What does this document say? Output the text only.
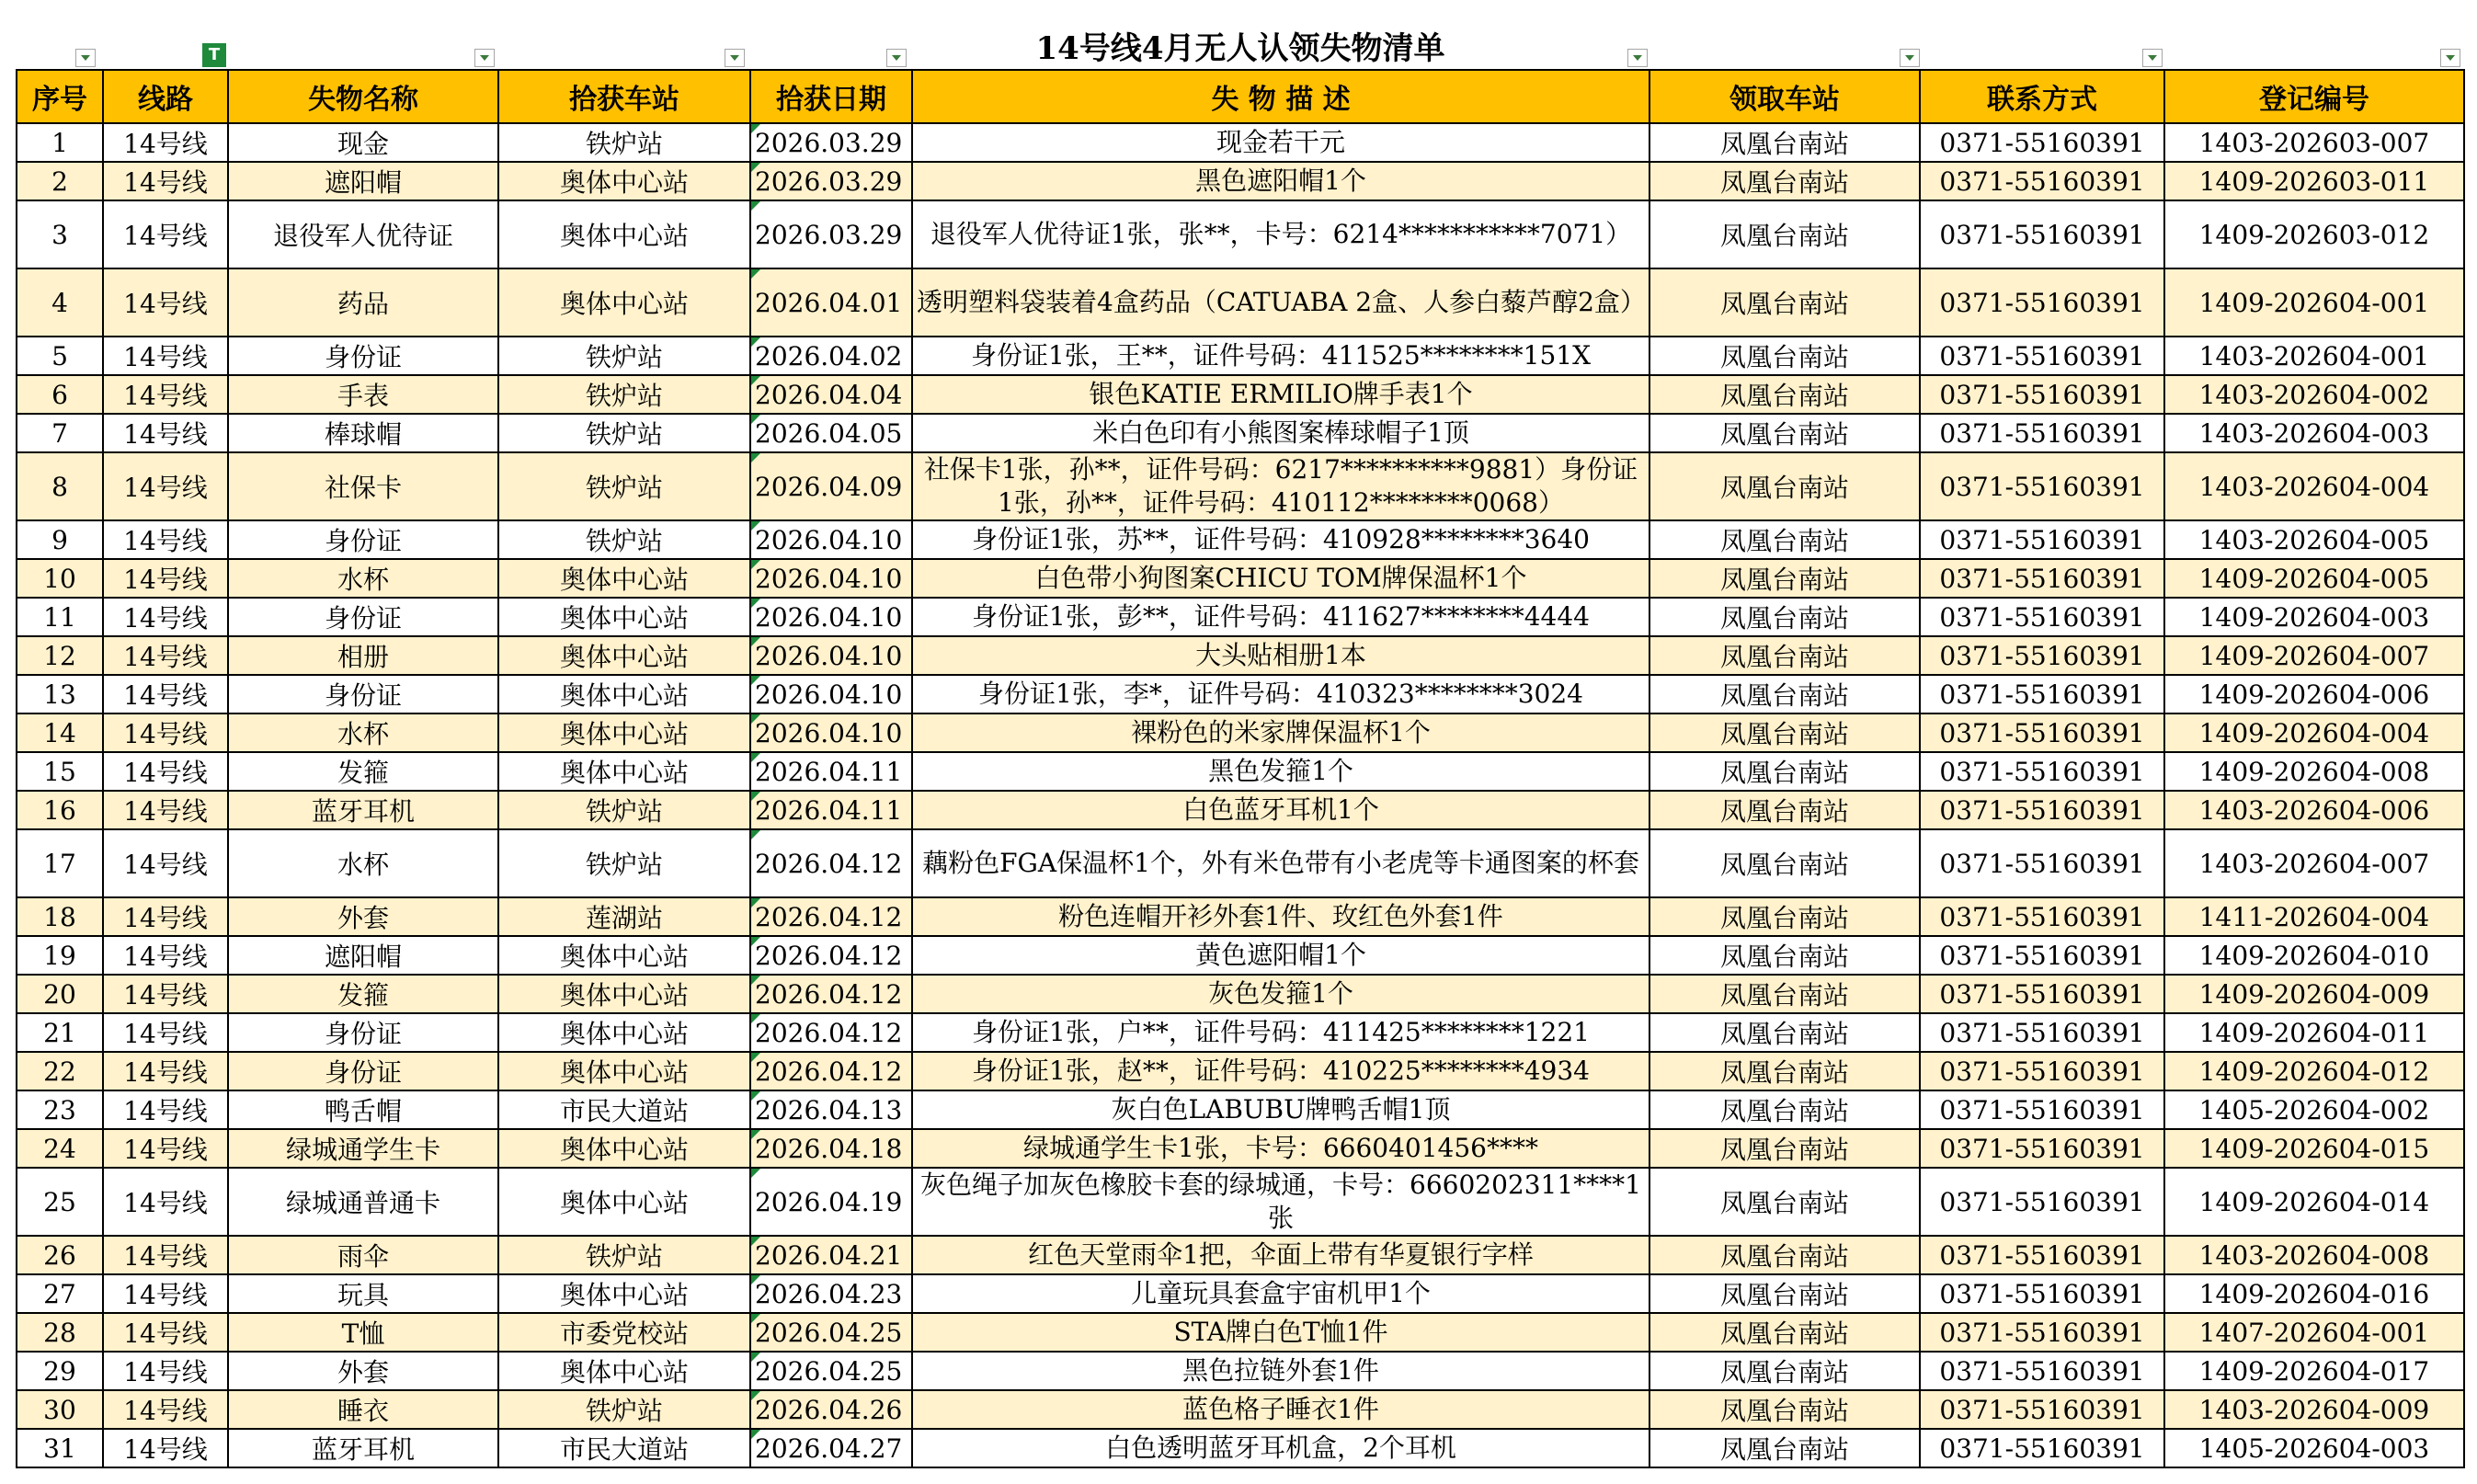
14号线4月无人认领失物清单
T								

序号	线路	失物名称	拾获车站	拾获日期	失 物 描 述	领取车站	联系方式	登记编号
1	14号线	现金	铁炉站	2026.03.29	现金若干元	凤凰台南站	0371-55160391	1403-202603-007
2	14号线	遮阳帽	奥体中心站	2026.03.29	黑色遮阳帽1个	凤凰台南站	0371-55160391	1409-202603-011
3	14号线	退役军人优待证	奥体中心站	2026.03.29	退役军人优待证1张，张**，卡号：6214***********7071）	凤凰台南站	0371-55160391	1409-202603-012
4	14号线	药品	奥体中心站	2026.04.01	透明塑料袋装着4盒药品（CATUABA 2盒、人参白藜芦醇2盒）	凤凰台南站	0371-55160391	1409-202604-001
5	14号线	身份证	铁炉站	2026.04.02	身份证1张，王**，证件号码：411525********151X	凤凰台南站	0371-55160391	1403-202604-001
6	14号线	手表	铁炉站	2026.04.04	银色KATIE ERMILIO牌手表1个	凤凰台南站	0371-55160391	1403-202604-002
7	14号线	棒球帽	铁炉站	2026.04.05	米白色印有小熊图案棒球帽子1顶	凤凰台南站	0371-55160391	1403-202604-003
8	14号线	社保卡	铁炉站	2026.04.09	社保卡1张，孙**，证件号码：6217**********9881）身份证1张，孙**，证件号码：410112********0068）	凤凰台南站	0371-55160391	1403-202604-004
9	14号线	身份证	铁炉站	2026.04.10	身份证1张，苏**，证件号码：410928********3640	凤凰台南站	0371-55160391	1403-202604-005
10	14号线	水杯	奥体中心站	2026.04.10	白色带小狗图案CHICU TOM牌保温杯1个	凤凰台南站	0371-55160391	1409-202604-005
11	14号线	身份证	奥体中心站	2026.04.10	身份证1张，彭**，证件号码：411627********4444	凤凰台南站	0371-55160391	1409-202604-003
12	14号线	相册	奥体中心站	2026.04.10	大头贴相册1本	凤凰台南站	0371-55160391	1409-202604-007
13	14号线	身份证	奥体中心站	2026.04.10	身份证1张，李*，证件号码：410323********3024	凤凰台南站	0371-55160391	1409-202604-006
14	14号线	水杯	奥体中心站	2026.04.10	裸粉色的米家牌保温杯1个	凤凰台南站	0371-55160391	1409-202604-004
15	14号线	发箍	奥体中心站	2026.04.11	黑色发箍1个	凤凰台南站	0371-55160391	1409-202604-008
16	14号线	蓝牙耳机	铁炉站	2026.04.11	白色蓝牙耳机1个	凤凰台南站	0371-55160391	1403-202604-006
17	14号线	水杯	铁炉站	2026.04.12	藕粉色FGA保温杯1个，外有米色带有小老虎等卡通图案的杯套	凤凰台南站	0371-55160391	1403-202604-007
18	14号线	外套	莲湖站	2026.04.12	粉色连帽开衫外套1件、玫红色外套1件	凤凰台南站	0371-55160391	1411-202604-004
19	14号线	遮阳帽	奥体中心站	2026.04.12	黄色遮阳帽1个	凤凰台南站	0371-55160391	1409-202604-010
20	14号线	发箍	奥体中心站	2026.04.12	灰色发箍1个	凤凰台南站	0371-55160391	1409-202604-009
21	14号线	身份证	奥体中心站	2026.04.12	身份证1张，户**，证件号码：411425********1221	凤凰台南站	0371-55160391	1409-202604-011
22	14号线	身份证	奥体中心站	2026.04.12	身份证1张，赵**，证件号码：410225********4934	凤凰台南站	0371-55160391	1409-202604-012
23	14号线	鸭舌帽	市民大道站	2026.04.13	灰白色LABUBU牌鸭舌帽1顶	凤凰台南站	0371-55160391	1405-202604-002
24	14号线	绿城通学生卡	奥体中心站	2026.04.18	绿城通学生卡1张，卡号：6660401456****	凤凰台南站	0371-55160391	1409-202604-015
25	14号线	绿城通普通卡	奥体中心站	2026.04.19	灰色绳子加灰色橡胶卡套的绿城通，卡号：6660202311****1张	凤凰台南站	0371-55160391	1409-202604-014
26	14号线	雨伞	铁炉站	2026.04.21	红色天堂雨伞1把，伞面上带有华夏银行字样	凤凰台南站	0371-55160391	1403-202604-008
27	14号线	玩具	奥体中心站	2026.04.23	儿童玩具套盒宇宙机甲1个	凤凰台南站	0371-55160391	1409-202604-016
28	14号线	T恤	市委党校站	2026.04.25	STA牌白色T恤1件	凤凰台南站	0371-55160391	1407-202604-001
29	14号线	外套	奥体中心站	2026.04.25	黑色拉链外套1件	凤凰台南站	0371-55160391	1409-202604-017
30	14号线	睡衣	铁炉站	2026.04.26	蓝色格子睡衣1件	凤凰台南站	0371-55160391	1403-202604-009
31	14号线	蓝牙耳机	市民大道站	2026.04.27	白色透明蓝牙耳机盒，2个耳机	凤凰台南站	0371-55160391	1405-202604-003
